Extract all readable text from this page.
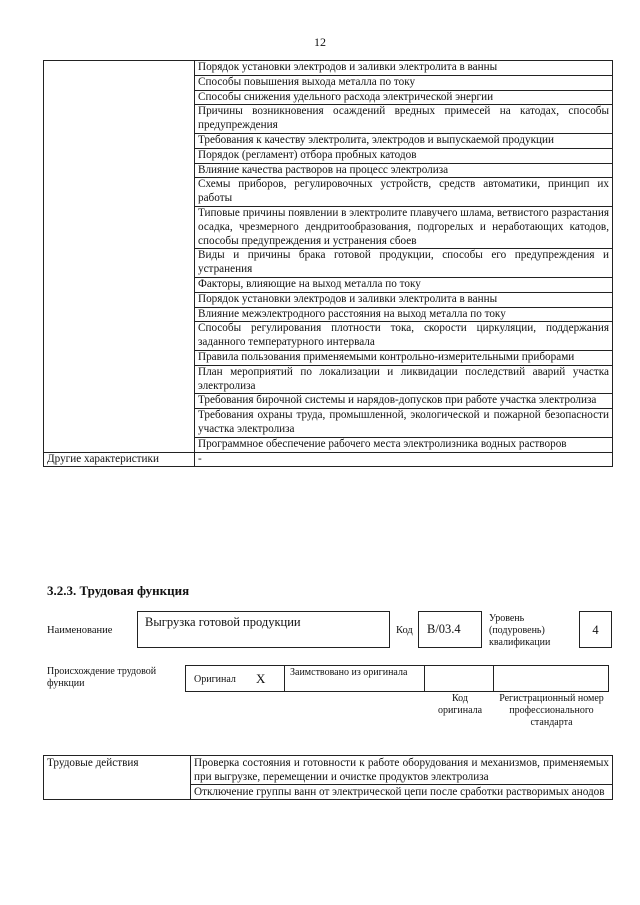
12
	Порядок установки электродов и заливки электролита в ванны
	Способы повышения выхода металла по току
	Способы снижения удельного расхода электрической энергии
	Причины возникновения осаждений вредных примесей на катодах, способы предупреждения
	Требования к качеству электролита, электродов и выпускаемой продукции
	Порядок (регламент) отбора пробных катодов
	Влияние качества растворов на процесс электролиза
	Схемы приборов, регулировочных устройств, средств автоматики, принцип их работы
	Типовые причины появлении в электролите плавучего шлама, ветвистого разрастания осадка, чрезмерного дендритообразования, подгорелых и неработающих катодов, способы предупреждения и устранения сбоев
	Виды и причины брака готовой продукции, способы его предупреждения и устранения
	Факторы, влияющие на выход металла по току
	Порядок установки электродов и заливки электролита в ванны
	Влияние межэлектродного расстояния на выход металла по току
	Способы регулирования плотности тока, скорости циркуляции, поддержания заданного температурного интервала
	Правила пользования применяемыми контрольно-измерительными приборами
	План мероприятий по локализации и ликвидации последствий аварий участка электролиза
	Требования бирочной системы и нарядов-допусков при работе участка электролиза
	Требования охраны труда, промышленной, экологической и пожарной безопасности участка электролиза
	Программное обеспечение рабочего места электролизника водных растворов
Другие характеристики	-
3.2.3. Трудовая функция
Наименование
Выгрузка готовой продукции
Код	В/03.4
Уровень (подуровень) квалификации
4
Происхождение трудовой функции	Оригинал X Заимствовано из оригинала
Код оригинала
Регистрационный номер профессионального стандарта
Трудовые действия	Проверка состояния и готовности к работе оборудования и механизмов, применяемых при выгрузке, перемещении и очистке продуктов электролиза
Отключение группы ванн от электрической цепи после сработки растворимых анодов
